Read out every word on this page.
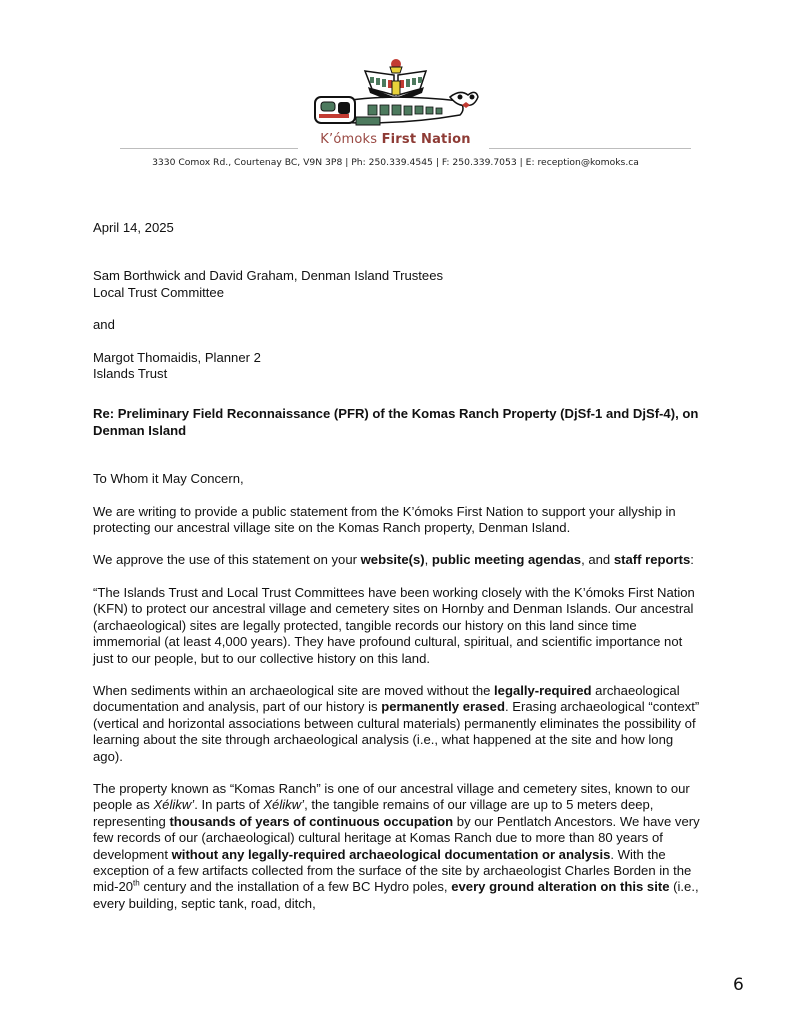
K’ómoks First Nation
3330 Comox Rd., Courtenay BC, V9N 3P8 | Ph: 250.339.4545 | F: 250.339.7053 | E: reception@komoks.ca

April 14, 2025

Sam Borthwick and David Graham, Denman Island Trustees

Local Trust Committee

and

Margot Thomaidis, Planner 2

Islands Trust

Re: Preliminary Field Reconnaissance (PFR) of the Komas Ranch Property (DjSf-1 and DjSf-4), on Denman Island

To Whom it May Concern,

We are writing to provide a public statement from the K’ómoks First Nation to support your allyship in protecting our ancestral village site on the Komas Ranch property, Denman Island.

We approve the use of this statement on your website(s), public meeting agendas, and staff reports:

“The Islands Trust and Local Trust Committees have been working closely with the K’ómoks First Nation (KFN) to protect our ancestral village and cemetery sites on Hornby and Denman Islands. Our ancestral (archaeological) sites are legally protected, tangible records our history on this land since time immemorial (at least 4,000 years). They have profound cultural, spiritual, and scientific importance not just to our people, but to our collective history on this land.

When sediments within an archaeological site are moved without the legally-required archaeological documentation and analysis, part of our history is permanently erased. Erasing archaeological “context” (vertical and horizontal associations between cultural materials) permanently eliminates the possibility of learning about the site through archaeological analysis (i.e., what happened at the site and how long ago).

The property known as “Komas Ranch” is one of our ancestral village and cemetery sites, known to our people as Xélikw’. In parts of Xélikw’, the tangible remains of our village are up to 5 meters deep, representing thousands of years of continuous occupation by our Pentlatch Ancestors. We have very few records of our (archaeological) cultural heritage at Komas Ranch due to more than 80 years of development without any legally-required archaeological documentation or analysis. With the exception of a few artifacts collected from the surface of the site by archaeologist Charles Borden in the mid-20th century and the installation of a few BC Hydro poles, every ground alteration on this site (i.e., every building, septic tank, road, ditch,

6
